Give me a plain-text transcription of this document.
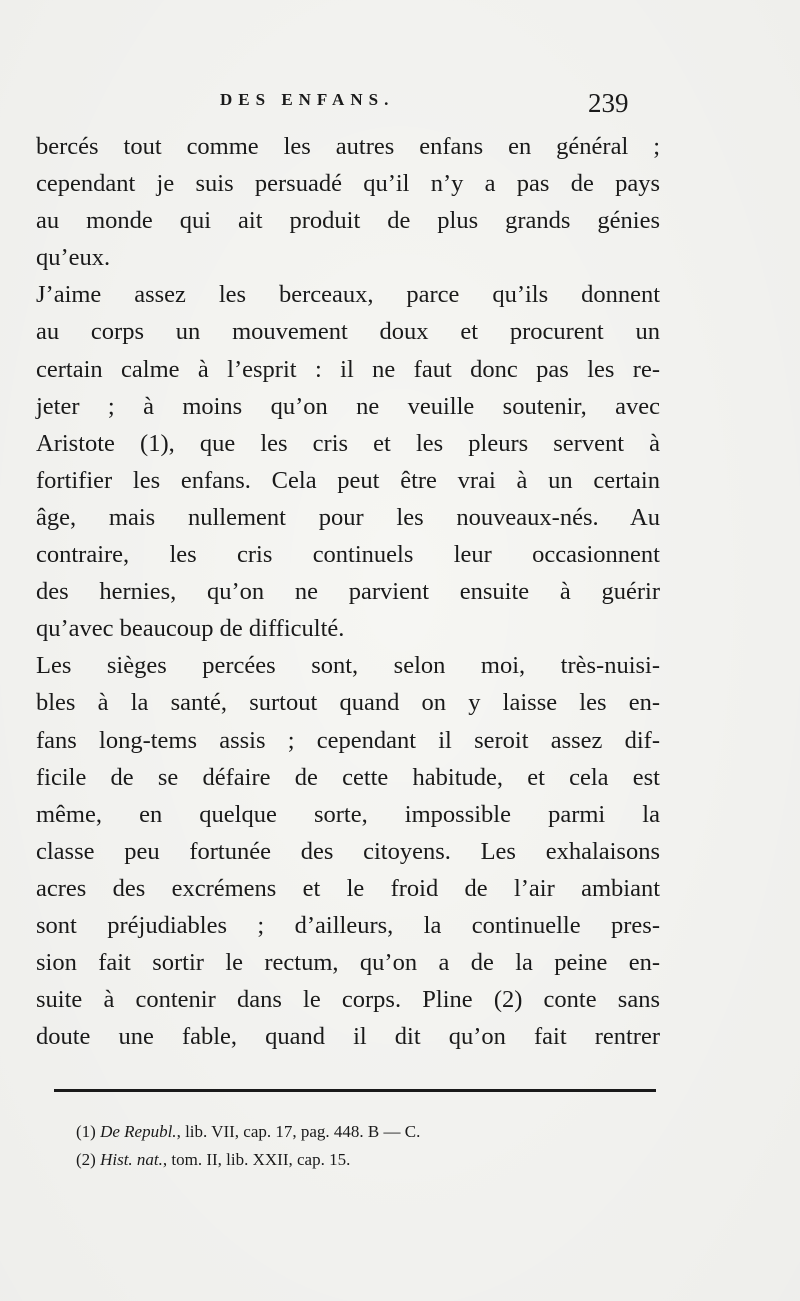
DES ENFANS.	239
bercés tout comme les autres enfans en général ;
cependant je suis persuadé qu’il n’y a pas de pays
au monde qui ait produit de plus grands génies
qu’eux.
J’aime assez les berceaux, parce qu’ils donnent
au corps un mouvement doux et procurent un
certain calme à l’esprit : il ne faut donc pas les re-
jeter ; à moins qu’on ne veuille soutenir, avec
Aristote (1), que les cris et les pleurs servent à
fortifier les enfans. Cela peut être vrai à un certain
âge, mais nullement pour les nouveaux-nés. Au
contraire, les cris continuels leur occasionnent
des hernies, qu’on ne parvient ensuite à guérir
qu’avec beaucoup de difficulté.
Les sièges percées sont, selon moi, très-nuisi-
bles à la santé, surtout quand on y laisse les en-
fans long-tems assis ; cependant il seroit assez dif-
ficile de se défaire de cette habitude, et cela est
même, en quelque sorte, impossible parmi la
classe peu fortunée des citoyens. Les exhalaisons
acres des excrémens et le froid de l’air ambiant
sont préjudiables ; d’ailleurs, la continuelle pres-
sion fait sortir le rectum, qu’on a de la peine en-
suite à contenir dans le corps. Pline (2) conte sans
doute une fable, quand il dit qu’on fait rentrer
(1) De Republ., lib. VII, cap. 17, pag. 448. B — C.
(2) Hist. nat., tom. II, lib. XXII, cap. 15.
